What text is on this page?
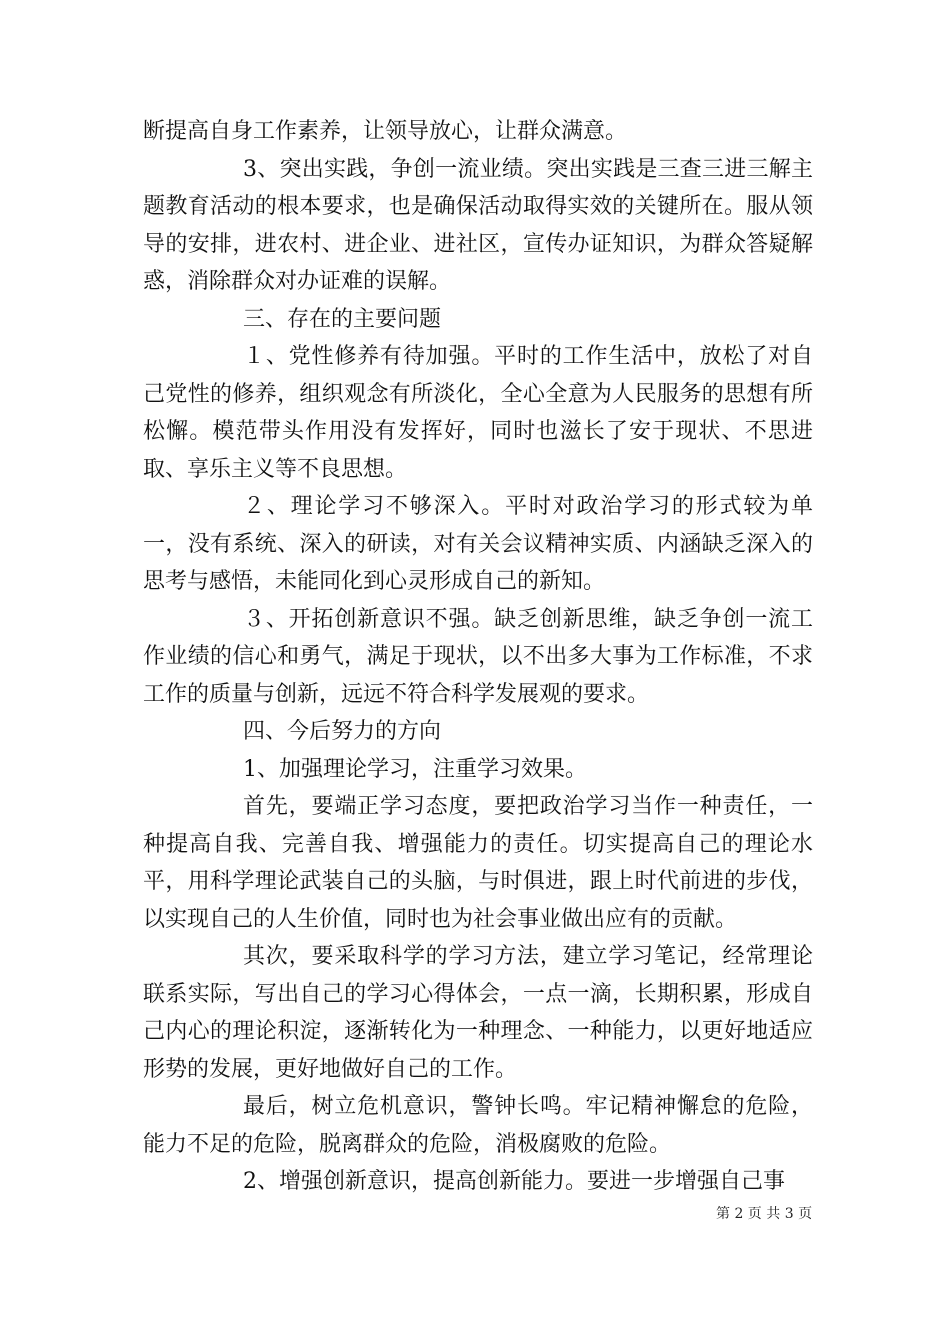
断提高自身工作素养，让领导放心，让群众满意。

3、突出实践，争创一流业绩。突出实践是三查三进三解主题教育活动的根本要求，也是确保活动取得实效的关键所在。服从领导的安排，进农村、进企业、进社区，宣传办证知识，为群众答疑解惑，消除群众对办证难的误解。

三、存在的主要问题

１、党性修养有待加强。平时的工作生活中，放松了对自己党性的修养，组织观念有所淡化，全心全意为人民服务的思想有所松懈。模范带头作用没有发挥好，同时也滋长了安于现状、不思进取、享乐主义等不良思想。

２、理论学习不够深入。平时对政治学习的形式较为单一，没有系统、深入的研读，对有关会议精神实质、内涵缺乏深入的思考与感悟，未能同化到心灵形成自己的新知。

３、开拓创新意识不强。缺乏创新思维，缺乏争创一流工作业绩的信心和勇气，满足于现状，以不出多大事为工作标准，不求工作的质量与创新，远远不符合科学发展观的要求。

四、今后努力的方向

1、加强理论学习，注重学习效果。

首先，要端正学习态度，要把政治学习当作一种责任，一种提高自我、完善自我、增强能力的责任。切实提高自己的理论水平，用科学理论武装自己的头脑，与时俱进，跟上时代前进的步伐，以实现自己的人生价值，同时也为社会事业做出应有的贡献。

其次，要采取科学的学习方法，建立学习笔记，经常理论联系实际，写出自己的学习心得体会，一点一滴，长期积累，形成自己内心的理论积淀，逐渐转化为一种理念、一种能力，以更好地适应形势的发展，更好地做好自己的工作。

最后，树立危机意识，警钟长鸣。牢记精神懈怠的危险，能力不足的危险，脱离群众的危险，消极腐败的危险。

2、增强创新意识，提高创新能力。要进一步增强自己事

第 2 页 共 3 页
